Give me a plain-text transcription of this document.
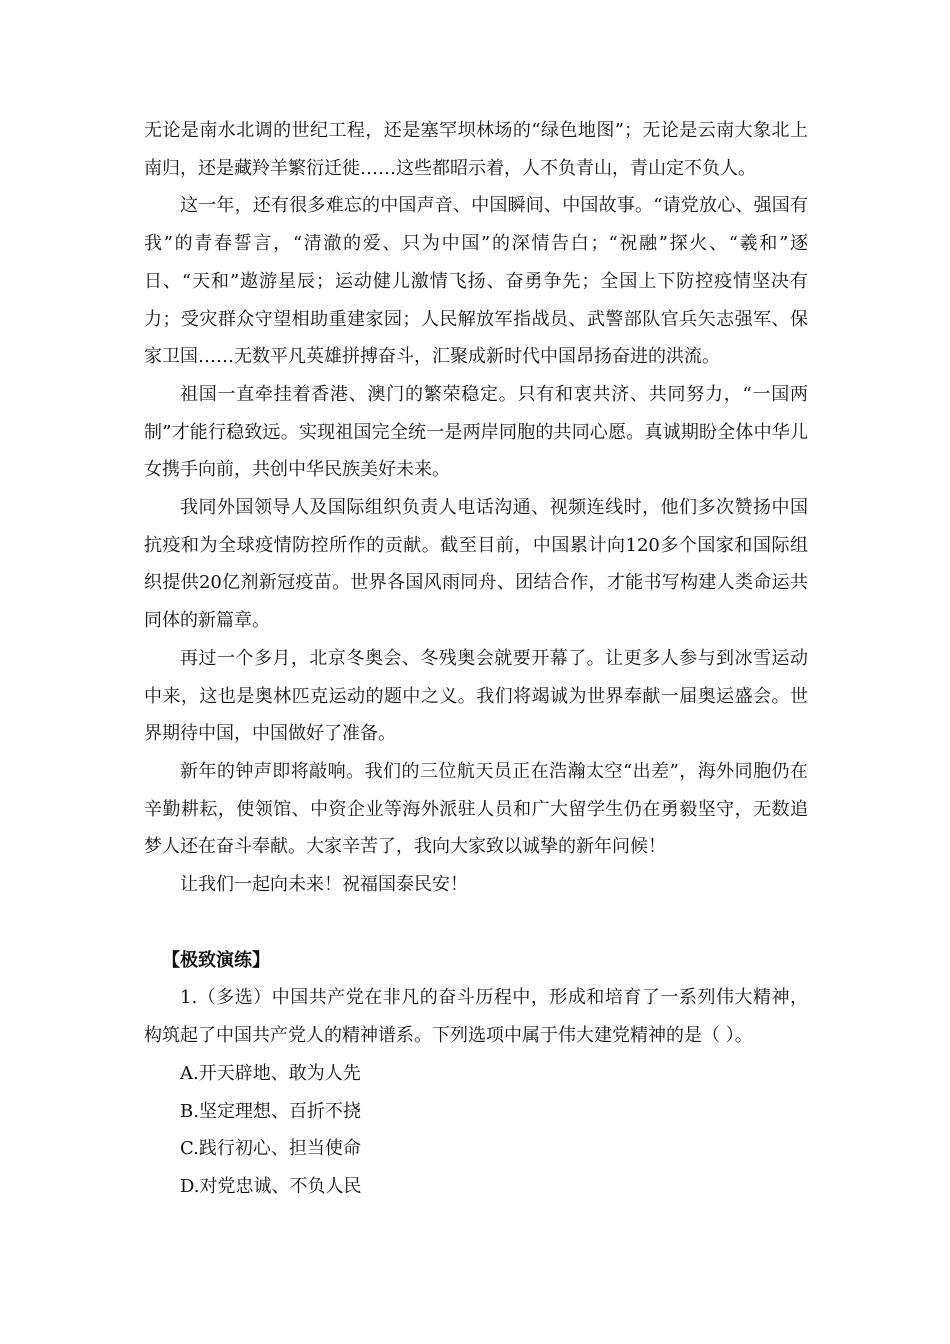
无论是南水北调的世纪工程，还是塞罕坝林场的“绿色地图”；无论是云南大象北上南归，还是藏羚羊繁衍迁徙……这些都昭示着，人不负青山，青山定不负人。

这一年，还有很多难忘的中国声音、中国瞬间、中国故事。“请党放心、强国有我”的青春誓言，“清澈的爱、只为中国”的深情告白；“祝融”探火、“羲和”逐日、“天和”遨游星辰；运动健儿激情飞扬、奋勇争先；全国上下防控疫情坚决有力；受灾群众守望相助重建家园；人民解放军指战员、武警部队官兵矢志强军、保家卫国……无数平凡英雄拼搏奋斗，汇聚成新时代中国昂扬奋进的洪流。

祖国一直牵挂着香港、澳门的繁荣稳定。只有和衷共济、共同努力，“一国两制”才能行稳致远。实现祖国完全统一是两岸同胞的共同心愿。真诚期盼全体中华儿女携手向前，共创中华民族美好未来。

我同外国领导人及国际组织负责人电话沟通、视频连线时，他们多次赞扬中国抗疫和为全球疫情防控所作的贡献。截至目前，中国累计向120多个国家和国际组织提供20亿剂新冠疫苗。世界各国风雨同舟、团结合作，才能书写构建人类命运共同体的新篇章。

再过一个多月，北京冬奥会、冬残奥会就要开幕了。让更多人参与到冰雪运动中来，这也是奥林匹克运动的题中之义。我们将竭诚为世界奉献一届奥运盛会。世界期待中国，中国做好了准备。

新年的钟声即将敲响。我们的三位航天员正在浩瀚太空“出差”，海外同胞仍在辛勤耕耘，使领馆、中资企业等海外派驻人员和广大留学生仍在勇毅坚守，无数追梦人还在奋斗奉献。大家辛苦了，我向大家致以诚挚的新年问候！

让我们一起向未来！祝福国泰民安！

【极致演练】

1.（多选）中国共产党在非凡的奋斗历程中，形成和培育了一系列伟大精神，构筑起了中国共产党人的精神谱系。下列选项中属于伟大建党精神的是（ ）。

A.开天辟地、敢为人先

B.坚定理想、百折不挠

C.践行初心、担当使命

D.对党忠诚、不负人民
